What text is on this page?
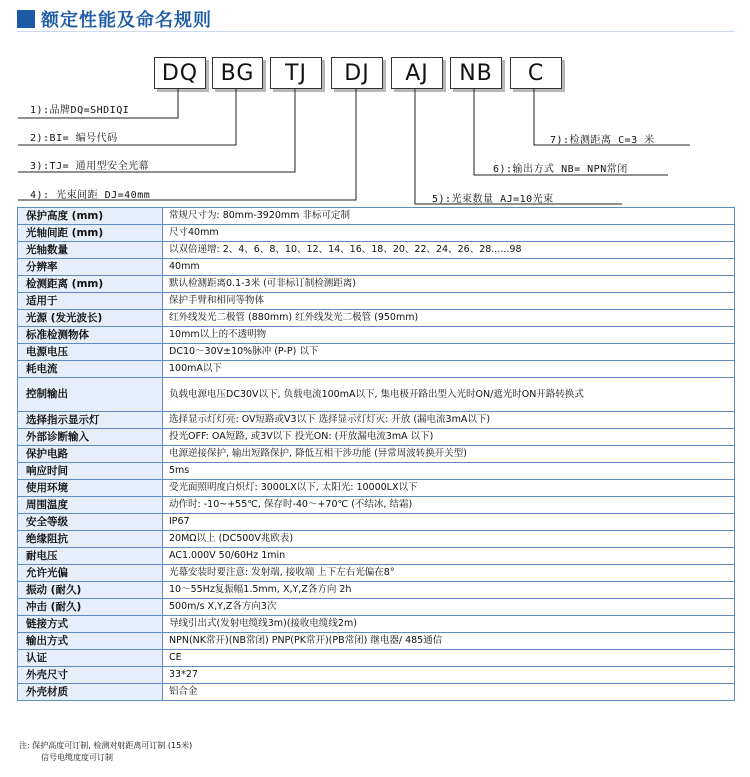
额定性能及命名规则
DQ	BG	TJ	DJ	AJ	NB	C
1):品牌DQ=SHDIQI
2):BI= 编号代码
3):TJ= 通用型安全光幕
4): 光束间距 DJ=40mm	5):光束数量 AJ=10光束
6):输出方式 NB= NPN常闭
7):检测距离 C=3 米
保护高度 (mm)	常规尺寸为: 80mm-3920mm 非标可定制
光轴间距 (mm)	尺寸40mm
光轴数量	以双倍递增: 2、4、6、8、10、12、14、16、18、20、22、24、26、28......98
分辨率	40mm
检测距离 (mm)	默认检测距离0.1-3米 (可非标订制检测距离)
适用于	保护手臂和相同等物体
光源 (发光波长)	红外线发光二极管 (880mm) 红外线发光二极管 (950mm)
标准检测物体	10mm以上的不透明物
电源电压	DC10～30V±10%脉冲 (P-P) 以下
耗电流	100mA以下
控制输出	负载电源电压DC30V以下, 负载电流100mA以下, 集电极开路出型入光时ON/遮光时ON开路转换式
选择指示显示灯	选择显示灯灯亮: OV短路或V3以下 选择显示灯灯灭: 开放 (漏电流3mA以下)
外部诊断输入	投光OFF: OA短路, 或3V以下 投光ON: (开放漏电流3mA 以下)
保护电路	电源逆接保护, 输出短路保护, 降低互相干涉功能 (异常周波转换开关型)
响应时间	5ms
使用环境	受光面照明度白炽灯: 3000LX以下, 太阳光: 10000LX以下
周围温度	动作时: -10~+55℃, 保存时-40～+70℃ (不结冰, 结霜)
安全等级	IP67
绝缘阻抗	20MΩ以上 (DC500V兆欧表)
耐电压	AC1.000V 50/60Hz 1min
允许光偏	光幕安装时要注意: 发射端, 接收端 上下左右光偏在8°
振动 (耐久)	10～55Hz复振幅1.5mm, X,Y,Z各方向 2h
冲击 (耐久)	500m/s X,Y,Z各方向3次
链接方式	导线引出式(发射电缆线3m)(接收电缆线2m)
输出方式	NPN(NK常开)(NB常闭) PNP(PK常开)(PB常闭) 继电器/ 485通信
认证	CE
外壳尺寸	33*27
外壳材质	铝合金
注: 保护高度可订制, 检测对射距离可订制 (15米)
信号电缆度度可订制
